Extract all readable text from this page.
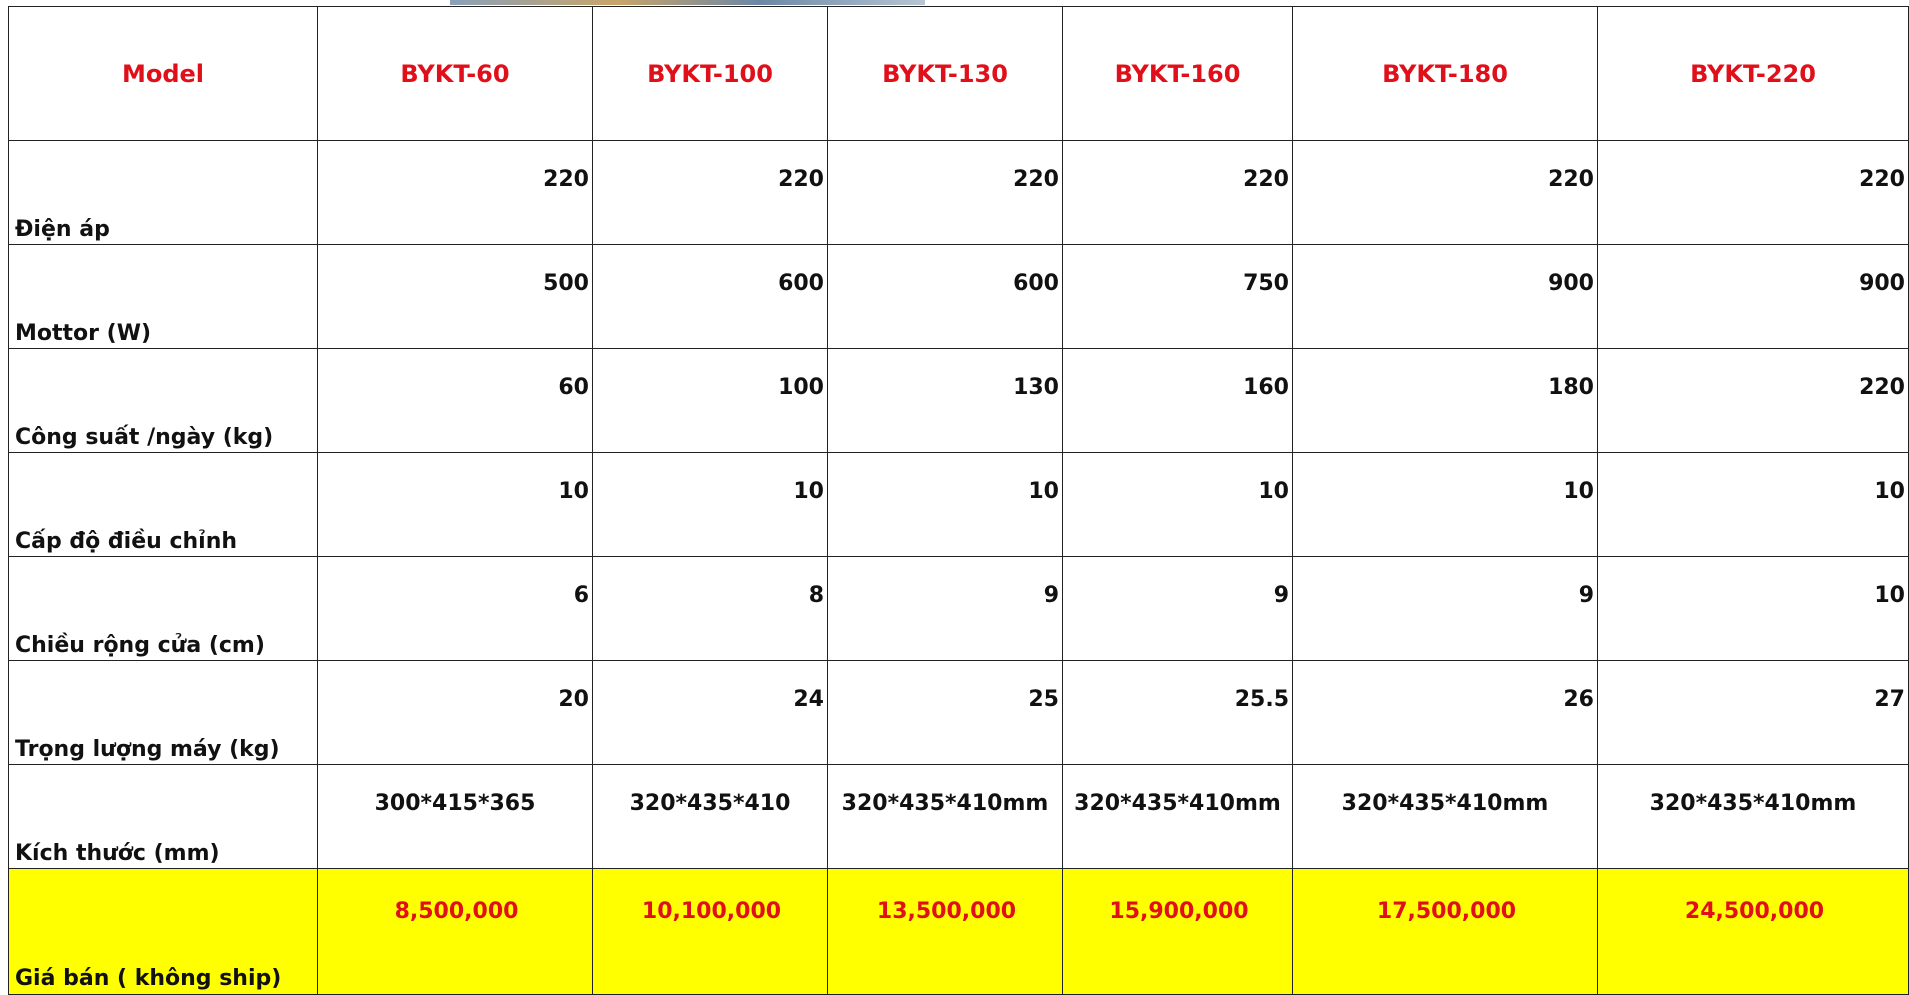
Model	BYKT-60	BYKT-100	BYKT-130	BYKT-160	BYKT-180	BYKT-220
Điện áp	220	220	220	220	220	220
Mottor (W)	500	600	600	750	900	900
Công suất /ngày (kg)	60	100	130	160	180	220
Cấp độ điều chỉnh	10	10	10	10	10	10
Chiều rộng cửa (cm)	6	8	9	9	9	10
Trọng lượng máy (kg)	20	24	25	25.5	26	27
Kích thước (mm)	300*415*365	320*435*410	320*435*410mm	320*435*410mm	320*435*410mm	320*435*410mm
Giá bán ( không ship)	8,500,000	10,100,000	13,500,000	15,900,000	17,500,000	24,500,000
